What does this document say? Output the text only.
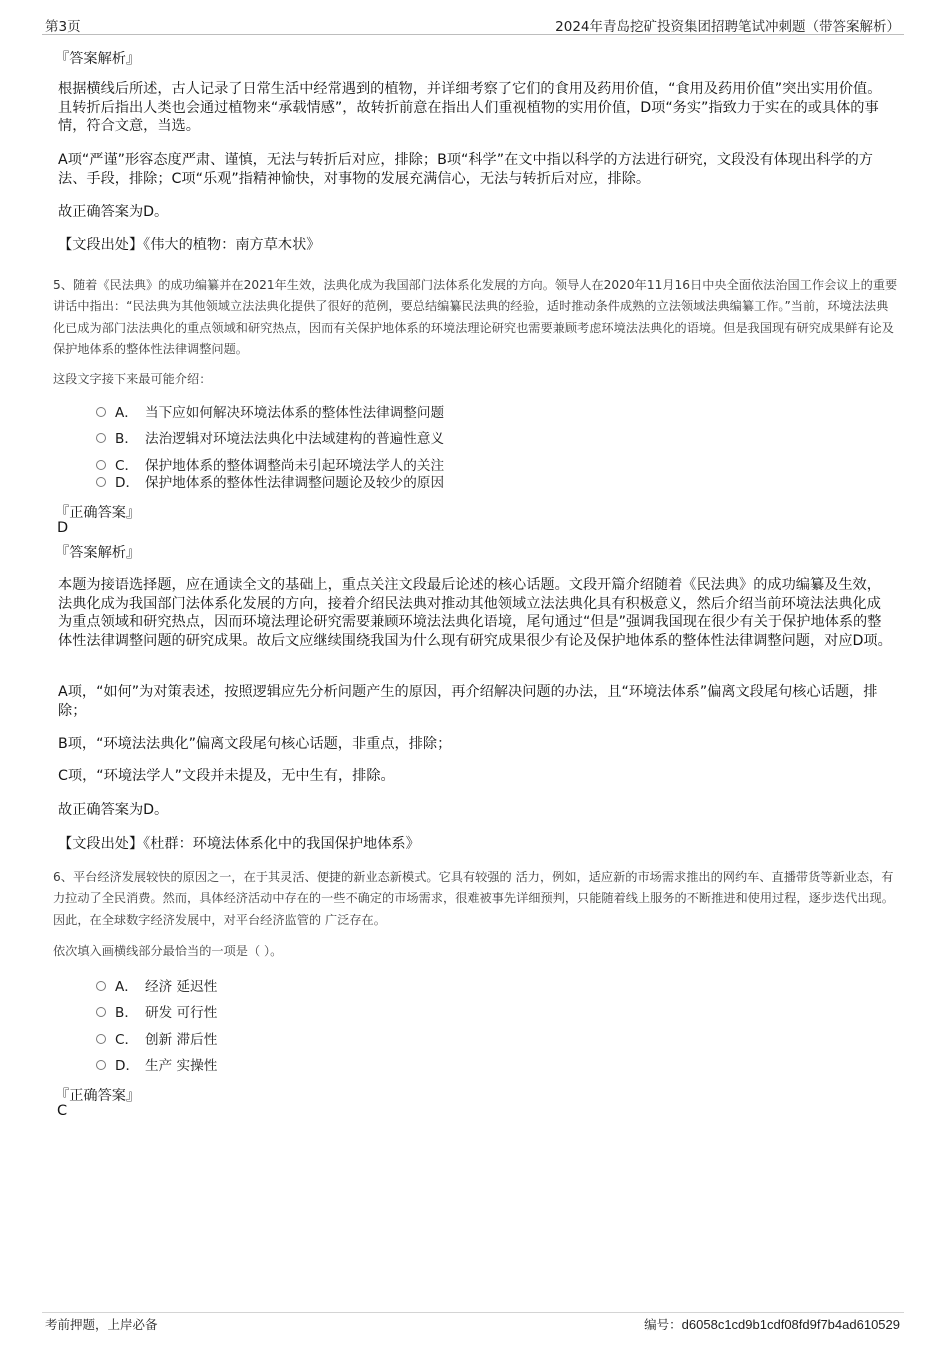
第3页	2024年青岛挖矿投资集团招聘笔试冲刺题（带答案解析）
『答案解析』

根据横线后所述，古人记录了日常生活中经常遇到的植物，并详细考察了它们的食用及药用价值，“食用及药用价值”突出实用价值。且转折后指出人类也会通过植物来“承载情感”，故转折前意在指出人们重视植物的实用价值，D项“务实”指致力于实在的或具体的事情，符合文意，当选。

A项“严谨”形容态度严肃、谨慎，无法与转折后对应，排除；B项“科学”在文中指以科学的方法进行研究，文段没有体现出科学的方法、手段，排除；C项“乐观”指精神愉快，对事物的发展充满信心，无法与转折后对应，排除。

故正确答案为D。

【文段出处】《伟大的植物：南方草木状》

5、随着《民法典》的成功编纂并在2021年生效，法典化成为我国部门法体系化发展的方向。领导人在2020年11月16日中央全面依法治国工作会议上的重要讲话中指出：“民法典为其他领域立法法典化提供了很好的范例，要总结编纂民法典的经验，适时推动条件成熟的立法领域法典编纂工作。”当前，环境法法典化已成为部门法法典化的重点领域和研究热点，因而有关保护地体系的环境法理论研究也需要兼顾考虑环境法法典化的语境。但是我国现有研究成果鲜有论及保护地体系的整体性法律调整问题。

这段文字接下来最可能介绍：

A． 当下应如何解决环境法体系的整体性法律调整问题
B． 法治逻辑对环境法法典化中法域建构的普遍性意义
C． 保护地体系的整体调整尚未引起环境法学人的关注
D． 保护地体系的整体性法律调整问题论及较少的原因
『正确答案』
D
『答案解析』

本题为接语选择题，应在通读全文的基础上，重点关注文段最后论述的核心话题。文段开篇介绍随着《民法典》的成功编纂及生效，法典化成为我国部门法体系化发展的方向，接着介绍民法典对推动其他领域立法法典化具有积极意义，然后介绍当前环境法法典化成为重点领域和研究热点，因而环境法理论研究需要兼顾环境法法典化语境，尾句通过“但是”强调我国现在很少有关于保护地体系的整体性法律调整问题的研究成果。故后文应继续围绕我国为什么现有研究成果很少有论及保护地体系的整体性法律调整问题，对应D项。

A项，“如何”为对策表述，按照逻辑应先分析问题产生的原因，再介绍解决问题的办法，且“环境法体系”偏离文段尾句核心话题，排除；

B项，“环境法法典化”偏离文段尾句核心话题，非重点，排除；

C项，“环境法学人”文段并未提及，无中生有，排除。

故正确答案为D。

【文段出处】《杜群：环境法体系化中的我国保护地体系》

6、平台经济发展较快的原因之一，在于其灵活、便捷的新业态新模式。它具有较强的 活力，例如，适应新的市场需求推出的网约车、直播带货等新业态，有力拉动了全民消费。然而，具体经济活动中存在的一些不确定的市场需求，很难被事先详细预判，只能随着线上服务的不断推进和使用过程，逐步迭代出现。因此，在全球数字经济发展中，对平台经济监管的 广泛存在。

依次填入画横线部分最恰当的一项是（ ）。

A． 经济 延迟性
B． 研发 可行性
C． 创新 滞后性
D． 生产 实操性
『正确答案』
C
考前押题，上岸必备	编号：d6058c1cd9b1cdf08fd9f7b4ad610529
